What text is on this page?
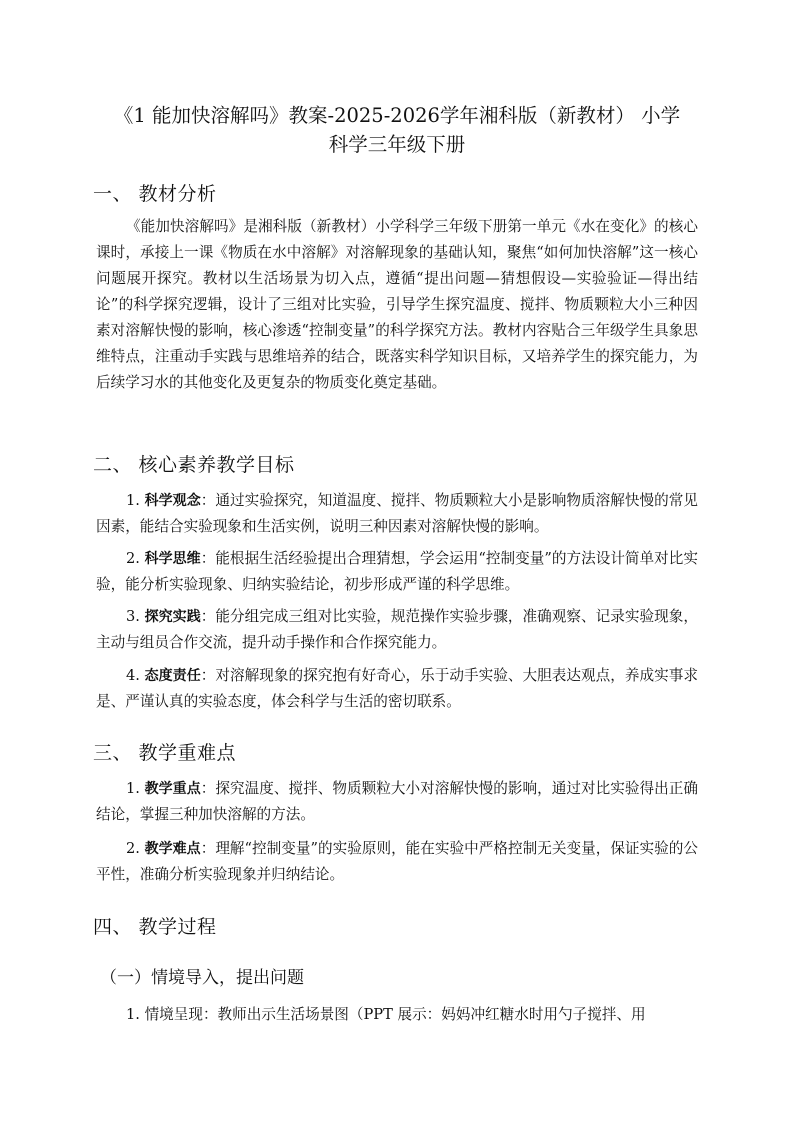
《1 能加快溶解吗》教案-2025-2026学年湘科版（新教材） 小学
科学三年级下册
一、 教材分析

《能加快溶解吗》是湘科版（新教材）小学科学三年级下册第一单元《水在变化》的核心课时，承接上一课《物质在水中溶解》对溶解现象的基础认知，聚焦“如何加快溶解”这一核心问题展开探究。教材以生活场景为切入点，遵循“提出问题—猜想假设—实验验证—得出结论”的科学探究逻辑，设计了三组对比实验，引导学生探究温度、搅拌、物质颗粒大小三种因素对溶解快慢的影响，核心渗透“控制变量”的科学探究方法。教材内容贴合三年级学生具象思维特点，注重动手实践与思维培养的结合，既落实科学知识目标，又培养学生的探究能力，为后续学习水的其他变化及更复杂的物质变化奠定基础。

二、 核心素养教学目标

1. 科学观念：通过实验探究，知道温度、搅拌、物质颗粒大小是影响物质溶解快慢的常见因素，能结合实验现象和生活实例，说明三种因素对溶解快慢的影响。

2. 科学思维：能根据生活经验提出合理猜想，学会运用“控制变量”的方法设计简单对比实验，能分析实验现象、归纳实验结论，初步形成严谨的科学思维。

3. 探究实践：能分组完成三组对比实验，规范操作实验步骤，准确观察、记录实验现象，主动与组员合作交流，提升动手操作和合作探究能力。

4. 态度责任：对溶解现象的探究抱有好奇心，乐于动手实验、大胆表达观点，养成实事求是、严谨认真的实验态度，体会科学与生活的密切联系。

三、 教学重难点

1. 教学重点：探究温度、搅拌、物质颗粒大小对溶解快慢的影响，通过对比实验得出正确结论，掌握三种加快溶解的方法。

2. 教学难点：理解“控制变量”的实验原则，能在实验中严格控制无关变量，保证实验的公平性，准确分析实验现象并归纳结论。

四、 教学过程
（一）情境导入，提出问题

1. 情境呈现：教师出示生活场景图（PPT 展示：妈妈冲红糖水时用勺子搅拌、用
